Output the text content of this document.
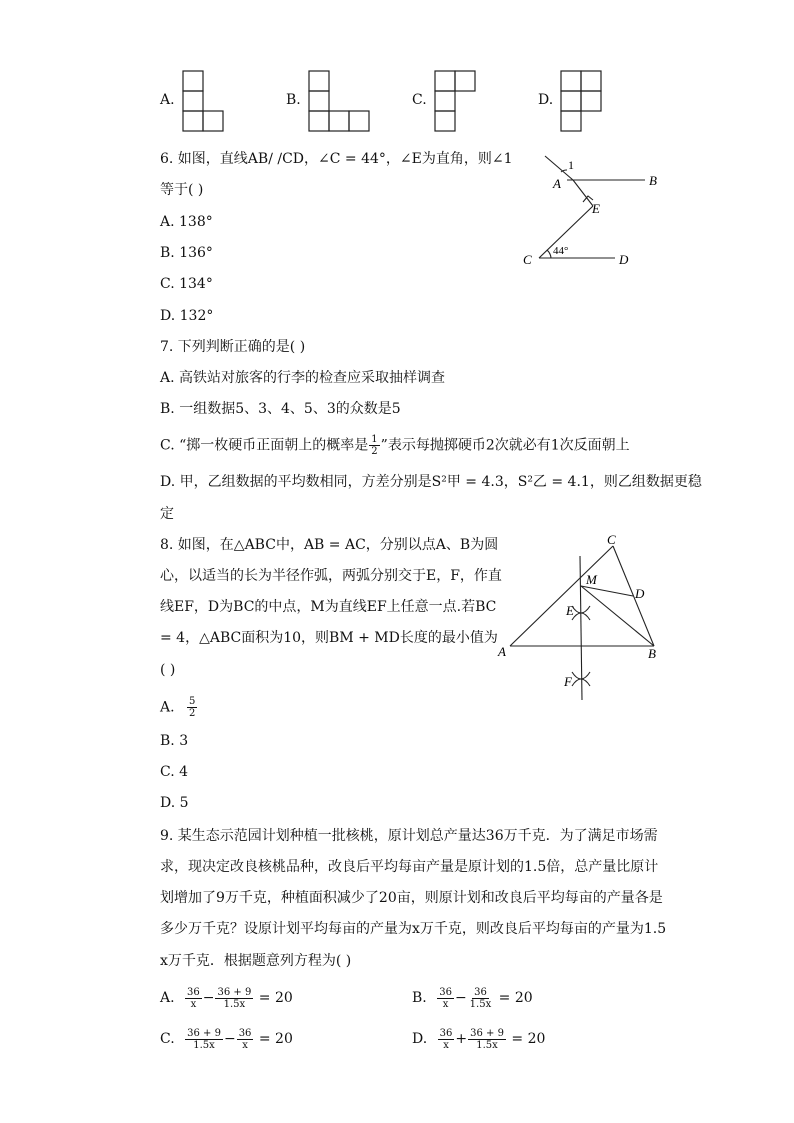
A.	B.	C.	D.
6. 如图，直线AB∕ ∕CD，∠C = 44°，∠E为直角，则∠1
等于( )
A. 138°
B. 136°
C. 134°
D. 132°
1
A	B
E
C	D
44°
7. 下列判断正确的是( )
A. 高铁站对旅客的行李的检查应采取抽样调查
B. 一组数据5、3、4、5、3的众数是5
C. “掷一枚硬币正面朝上的概率是 $\frac{1}{2}$ ”表示每抛掷硬币2次就必有1次反面朝上
D. 甲，乙组数据的平均数相同，方差分别是S²甲 = 4.3，S²乙 = 4.1，则乙组数据更稳
定
8. 如图，在△ABC中，AB = AC，分别以点A、B为圆
心，以适当的长为半径作弧，两弧分别交于E，F，作直
线EF，D为BC的中点，M为直线EF上任意一点.若BC
= 4，△ABC面积为10，则BM + MD长度的最小值为
( )
A. $\frac{5}{2}$
B. 3
C. 4
D. 5
C
M
D
E
A	B
F
9. 某生态示范园计划种植一批核桃，原计划总产量达36万千克．为了满足市场需
求，现决定改良核桃品种，改良后平均每亩产量是原计划的1.5倍，总产量比原计
划增加了9万千克，种植面积减少了20亩，则原计划和改良后平均每亩的产量各是
多少万千克？设原计划平均每亩的产量为x万千克，则改良后平均每亩的产量为1.5
x万千克．根据题意列方程为( )
A. $\frac{36}{x} - \frac{36 + 9}{1.5x} = 20$	B. $\frac{36}{x} - \frac{36}{1.5x} = 20$
C. $\frac{36 + 9}{1.5x} - \frac{36}{x} = 20$	D. $\frac{36}{x} + \frac{36 + 9}{1.5x} = 20$
